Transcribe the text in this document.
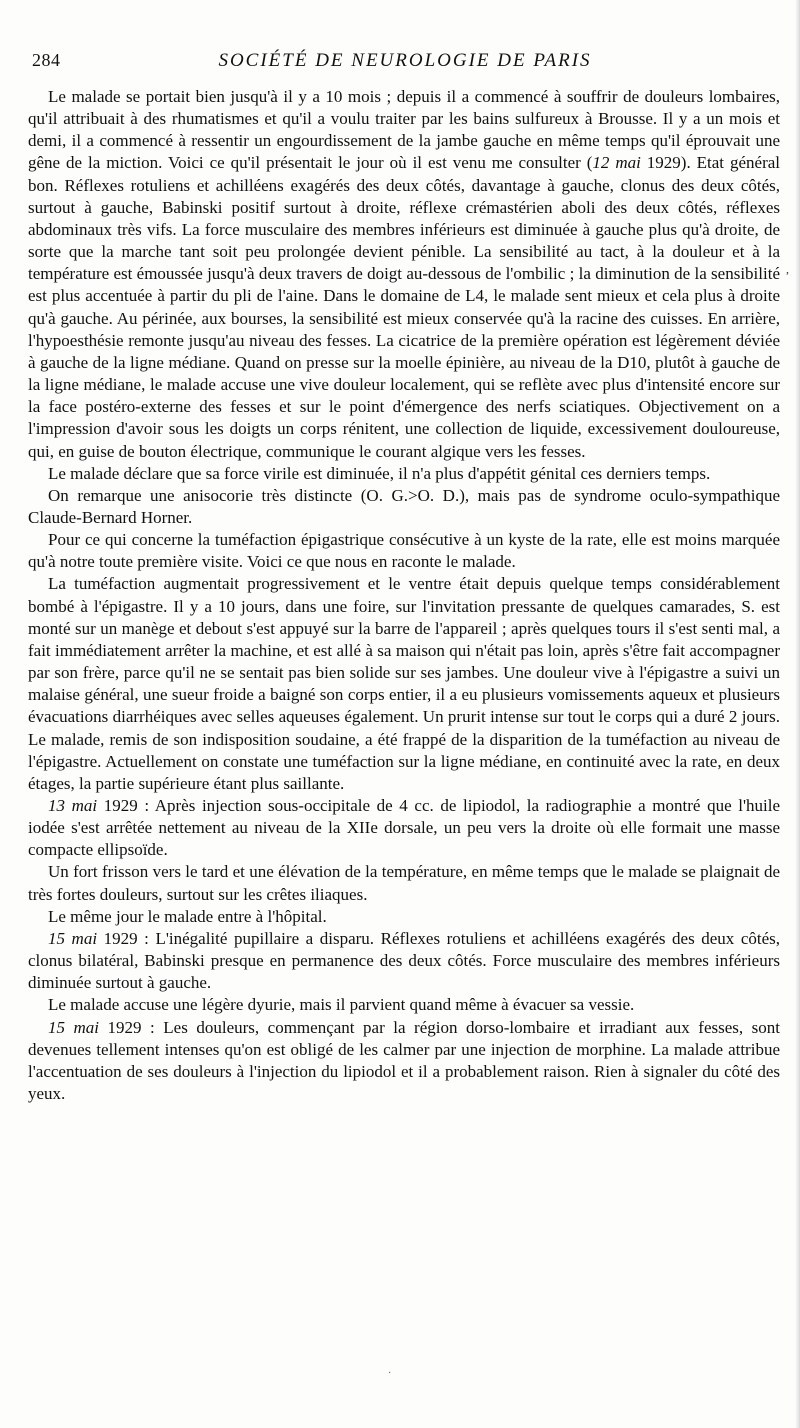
284	SOCIÉTÉ DE NEUROLOGIE DE PARIS

Le malade se portait bien jusqu'à il y a 10 mois ; depuis il a commencé à souffrir de douleurs lombaires, qu'il attribuait à des rhumatismes et qu'il a voulu traiter par les bains sulfureux à Brousse. Il y a un mois et demi, il a commencé à ressentir un engourdissement de la jambe gauche en même temps qu'il éprouvait une gêne de la miction. Voici ce qu'il présentait le jour où il est venu me consulter (12 mai 1929). Etat général bon. Réflexes rotuliens et achilléens exagérés des deux côtés, davantage à gauche, clonus des deux côtés, surtout à gauche, Babinski positif surtout à droite, réflexe crémastérien aboli des deux côtés, réflexes abdominaux très vifs. La force musculaire des membres inférieurs est diminuée à gauche plus qu'à droite, de sorte que la marche tant soit peu prolongée devient pénible. La sensibilité au tact, à la douleur et à la température est émoussée jusqu'à deux travers de doigt au-dessous de l'ombilic ; la diminution de la sensibilité est plus accentuée à partir du pli de l'aine. Dans le domaine de L4, le malade sent mieux et cela plus à droite qu'à gauche. Au périnée, aux bourses, la sensibilité est mieux conservée qu'à la racine des cuisses. En arrière, l'hypoesthésie remonte jusqu'au niveau des fesses. La cicatrice de la première opération est légèrement déviée à gauche de la ligne médiane. Quand on presse sur la moelle épinière, au niveau de la D10, plutôt à gauche de la ligne médiane, le malade accuse une vive douleur localement, qui se reflète avec plus d'intensité encore sur la face postéro-externe des fesses et sur le point d'émergence des nerfs sciatiques. Objectivement on a l'impression d'avoir sous les doigts un corps rénitent, une collection de liquide, excessivement douloureuse, qui, en guise de bouton électrique, communique le courant algique vers les fesses.

Le malade déclare que sa force virile est diminuée, il n'a plus d'appétit génital ces derniers temps.

On remarque une anisocorie très distincte (O. G.>O. D.), mais pas de syndrome oculo-sympathique Claude-Bernard Horner.

Pour ce qui concerne la tuméfaction épigastrique consécutive à un kyste de la rate, elle est moins marquée qu'à notre toute première visite. Voici ce que nous en raconte le malade.

La tuméfaction augmentait progressivement et le ventre était depuis quelque temps considérablement bombé à l'épigastre. Il y a 10 jours, dans une foire, sur l'invitation pressante de quelques camarades, S. est monté sur un manège et debout s'est appuyé sur la barre de l'appareil ; après quelques tours il s'est senti mal, a fait immédiatement arrêter la machine, et est allé à sa maison qui n'était pas loin, après s'être fait accompagner par son frère, parce qu'il ne se sentait pas bien solide sur ses jambes. Une douleur vive à l'épigastre a suivi un malaise général, une sueur froide a baigné son corps entier, il a eu plusieurs vomissements aqueux et plusieurs évacuations diarrhéiques avec selles aqueuses également. Un prurit intense sur tout le corps qui a duré 2 jours. Le malade, remis de son indisposition soudaine, a été frappé de la disparition de la tuméfaction au niveau de l'épigastre. Actuellement on constate une tuméfaction sur la ligne médiane, en continuité avec la rate, en deux étages, la partie supérieure étant plus saillante.

13 mai 1929 : Après injection sous-occipitale de 4 cc. de lipiodol, la radiographie a montré que l'huile iodée s'est arrêtée nettement au niveau de la XIIe dorsale, un peu vers la droite où elle formait une masse compacte ellipsoïde.

Un fort frisson vers le tard et une élévation de la température, en même temps que le malade se plaignait de très fortes douleurs, surtout sur les crêtes iliaques.

Le même jour le malade entre à l'hôpital.

15 mai 1929 : L'inégalité pupillaire a disparu. Réflexes rotuliens et achilléens exagérés des deux côtés, clonus bilatéral, Babinski presque en permanence des deux côtés. Force musculaire des membres inférieurs diminuée surtout à gauche.

Le malade accuse une légère dyurie, mais il parvient quand même à évacuer sa vessie.

15 mai 1929 : Les douleurs, commençant par la région dorso-lombaire et irradiant aux fesses, sont devenues tellement intenses qu'on est obligé de les calmer par une injection de morphine. La malade attribue l'accentuation de ses douleurs à l'injection du lipiodol et il a probablement raison. Rien à signaler du côté des yeux.

,
·
